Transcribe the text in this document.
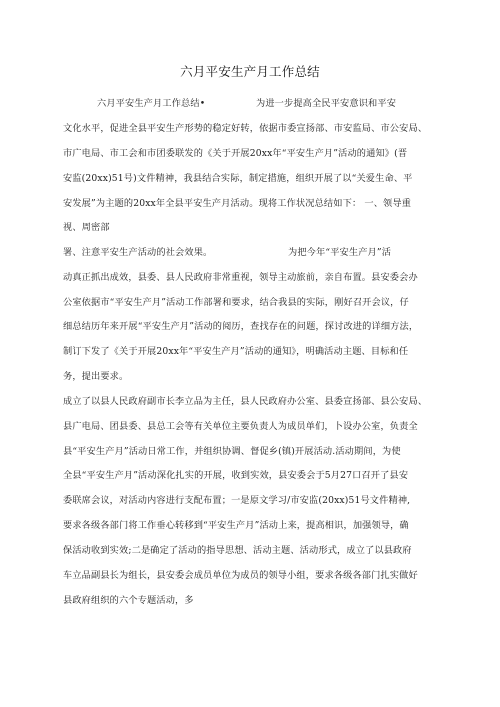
六月平安生产月工作总结
六月平安生产月工作总结•	为进一步提高全民平安意识和平安
文化水平，促进全县平安生产形势的稳定好转，依据市委宣扬部、市安监局、市公安局、
市广电局、市工会和市团委联发的《关于开展20xx年“平安生产月”活动的通知》(晋
安监(20xx)51号)文件精神，我县结合实际，制定措施，组织开展了以“关爱生命、平
安发展”为主题的20xx年全县平安生产月活动。现将工作状况总结如下： 一、领导重
视、周密部
署、注意平安生产活动的社会效果。	为把今年“平安生产月”活
动真正抓出成效，县委、县人民政府非常重视，领导主动旅前，亲自布置。县安委会办
公室依据市“平安生产月”活动工作部署和要求，结合我县的实际，刚好召开会议，仔
细总结历年来开展“平安生产月”活动的阅历，查找存在的问题，探讨改进的详细方法，
制订下发了《关于开展20xx年“平安生产月”活动的通知》，明确活动主题、目标和任
务，提出要求。
成立了以县人民政府副市长李立品为主任，县人民政府办公室、县委宣扬部、县公安局、
县广电局、团县委、县总工会等有关单位主要负责人为成员单们，卜设办公室，负责全
县“平安生产月”活动日常工作，并组织协调、督促乡(镇)开展活动.活动期间，为使
全县“平安生产月”活动深化扎实的开展，收到实效，县安委会于5月27口召开了县安
委联席会议，对活动内容进行支配布置；一是原文学习/市安监(20xx)51号文件精神,
要求各级各部门将工作垂心转移到“平安生产月”活动上来，提高相识，加强领导，确
保活动收到实效;二是确定了活动的指导思想、活动主题、活动形式，成立了以县政府
车立品副县长为组长，县安委会成员单位为成员的领导小组，要求各级各部门扎实做好
县政府组织的六个专题活动，多
